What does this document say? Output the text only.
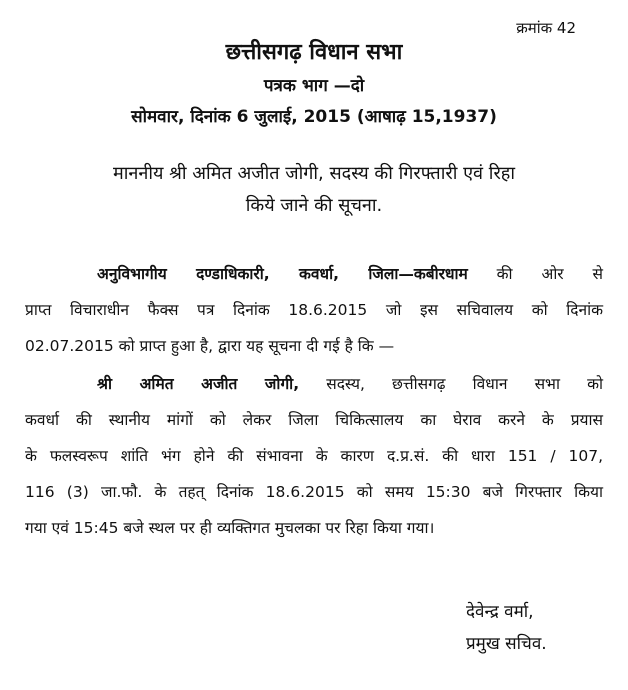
क्रमांक 42
छत्तीसगढ़ विधान सभा
पत्रक भाग —दो
सोमवार, दिनांक 6 जुलाई, 2015 (आषाढ़ 15,1937)
माननीय श्री अमित अजीत जोगी, सदस्य की गिरफ्तारी एवं रिहा
किये जाने की सूचना.
अनुविभागीय दण्डाधिकारी, कवर्धा, जिला—कबीरधाम की ओर से
प्राप्त विचाराधीन फैक्स पत्र दिनांक 18.6.2015 जो इस सचिवालय को दिनांक
02.07.2015 को प्राप्त हुआ है, द्वारा यह सूचना दी गई है कि —
श्री अमित अजीत जोगी, सदस्य, छत्तीसगढ़ विधान सभा को
कवर्धा की स्थानीय मांगों को लेकर जिला चिकित्सालय का घेराव करने के प्रयास
के फलस्वरूप शांति भंग होने की संभावना के कारण द.प्र.सं. की धारा 151 / 107,
116 (3) जा.फौ. के तहत् दिनांक 18.6.2015 को समय 15:30 बजे गिरफ्तार किया
गया एवं 15:45 बजे स्थल पर ही व्यक्तिगत मुचलका पर रिहा किया गया।
देवेन्द्र वर्मा,
प्रमुख सचिव.
